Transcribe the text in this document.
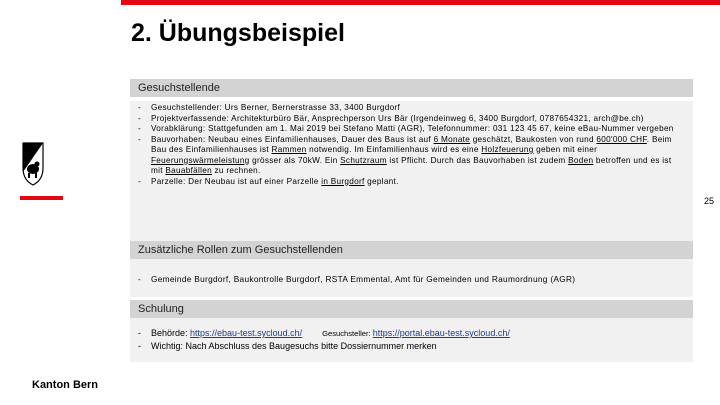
2. Übungsbeispiel
25
Gesuchstellende
- Gesuchstellender: Urs Berner, Bernerstrasse 33, 3400 Burgdorf
- Projektverfassende: Architekturbüro Bär, Ansprechperson Urs Bär (Irgendeinweg 6, 3400 Burgdorf, 0787654321, arch@be.ch)
- Vorabklärung: Stattgefunden am 1. Mai 2019 bei Stefano Matti (AGR), Telefonnummer: 031 123 45 67, keine eBau-Nummer vergeben
- Bauvorhaben: Neubau eines Einfamilienhauses, Dauer des Baus ist auf 6 Monate geschätzt, Baukosten von rund 600'000 CHF. Beim Bau des Einfamilienhauses ist Rammen notwendig. Im Einfamilienhaus wird es eine Holzfeuerung geben mit einer Feuerungswärmeleistung grösser als 70kW. Ein Schutzraum ist Pflicht. Durch das Bauvorhaben ist zudem Boden betroffen und es ist mit Bauabfällen zu rechnen.
- Parzelle: Der Neubau ist auf einer Parzelle in Burgdorf geplant.
Zusätzliche Rollen zum Gesuchstellenden
- Gemeinde Burgdorf, Baukontrolle Burgdorf, RSTA Emmental, Amt für Gemeinden und Raumordnung (AGR)
Schulung
- Behörde: https://ebau-test.sycloud.ch/	Gesuchsteller: https://portal.ebau-test.sycloud.ch/
- Wichtig: Nach Abschluss des Baugesuchs bitte Dossiernummer merken
Kanton Bern
